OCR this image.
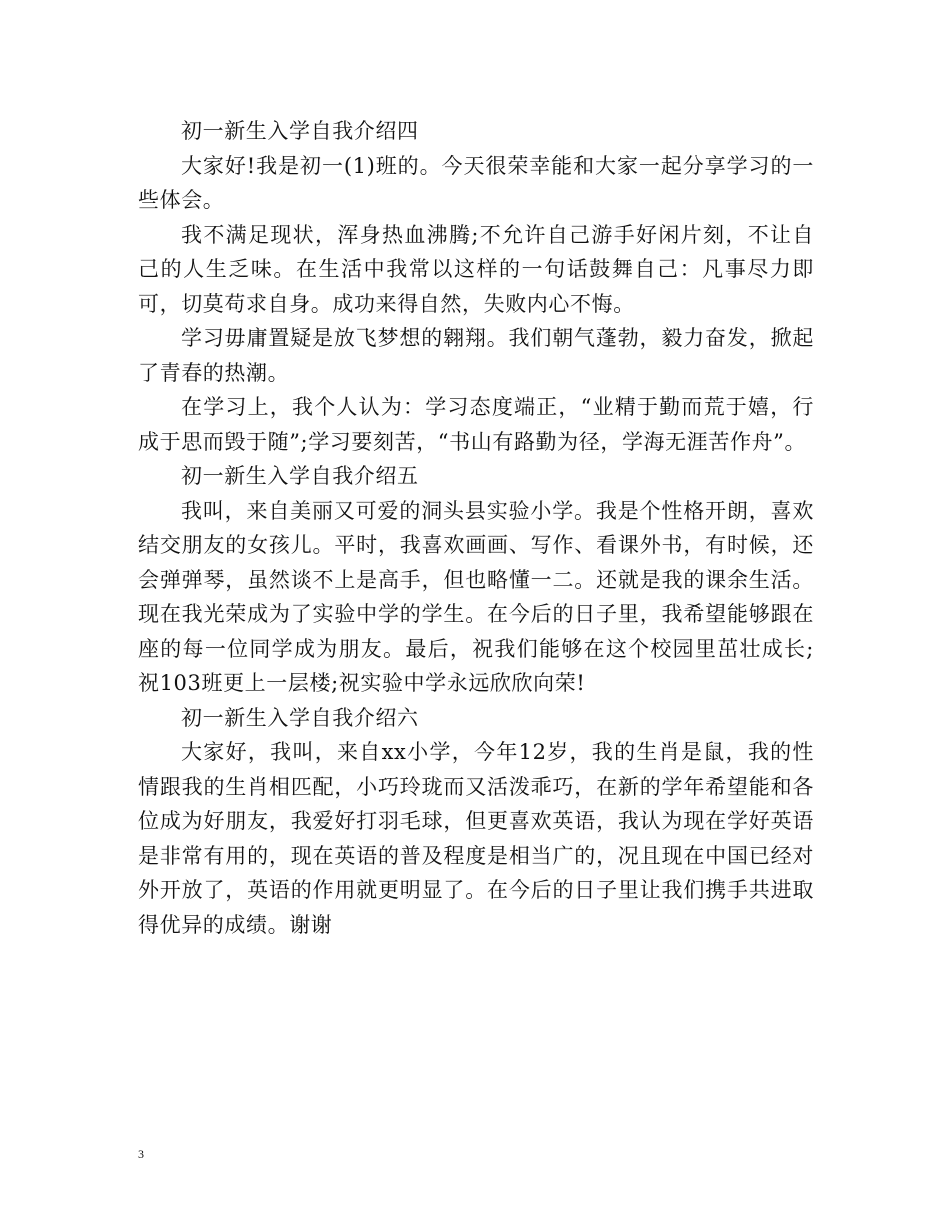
初一新生入学自我介绍四

大家好!我是初一(1)班的。今天很荣幸能和大家一起分享学习的一些体会。

我不满足现状，浑身热血沸腾;不允许自己游手好闲片刻，不让自己的人生乏味。在生活中我常以这样的一句话鼓舞自己：凡事尽力即可，切莫苟求自身。成功来得自然，失败内心不悔。

学习毋庸置疑是放飞梦想的翱翔。我们朝气蓬勃，毅力奋发，掀起了青春的热潮。

在学习上，我个人认为：学习态度端正，“业精于勤而荒于嬉，行成于思而毁于随”;学习要刻苦，“书山有路勤为径，学海无涯苦作舟”。

初一新生入学自我介绍五

我叫，来自美丽又可爱的洞头县实验小学。我是个性格开朗，喜欢结交朋友的女孩儿。平时，我喜欢画画、写作、看课外书，有时候，还会弹弹琴，虽然谈不上是高手，但也略懂一二。还就是我的课余生活。现在我光荣成为了实验中学的学生。在今后的日子里，我希望能够跟在座的每一位同学成为朋友。最后，祝我们能够在这个校园里茁壮成长;祝103班更上一层楼;祝实验中学永远欣欣向荣!

初一新生入学自我介绍六

大家好，我叫，来自xx小学，今年12岁，我的生肖是鼠，我的性情跟我的生肖相匹配，小巧玲珑而又活泼乖巧，在新的学年希望能和各位成为好朋友，我爱好打羽毛球，但更喜欢英语，我认为现在学好英语是非常有用的，现在英语的普及程度是相当广的，况且现在中国已经对外开放了，英语的作用就更明显了。在今后的日子里让我们携手共进取得优异的成绩。谢谢

3
